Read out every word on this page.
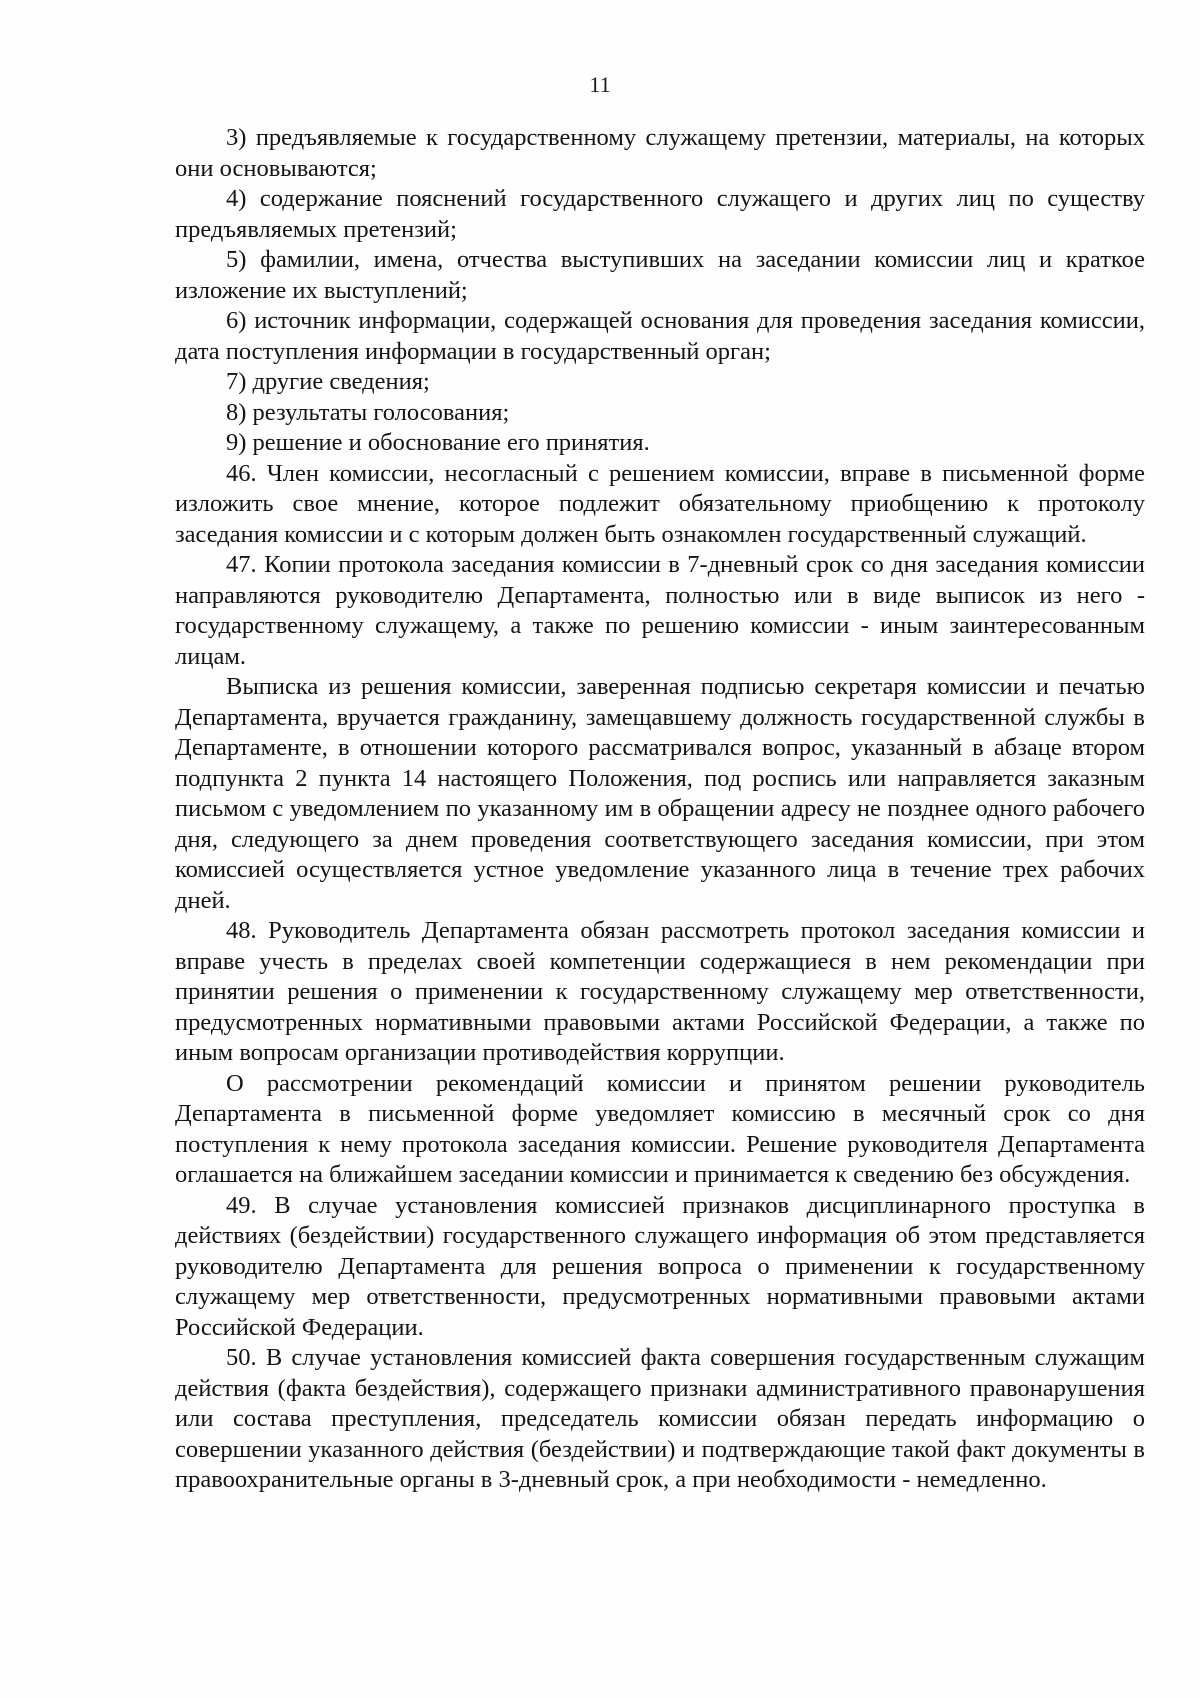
11

3) предъявляемые к государственному служащему претензии, материалы, на которых они основываются;

4) содержание пояснений государственного служащего и других лиц по существу предъявляемых претензий;

5) фамилии, имена, отчества выступивших на заседании комиссии лиц и краткое изложение их выступлений;

6) источник информации, содержащей основания для проведения заседания комиссии, дата поступления информации в государственный орган;

7) другие сведения;

8) результаты голосования;

9) решение и обоснование его принятия.

46. Член комиссии, несогласный с решением комиссии, вправе в письменной форме изложить свое мнение, которое подлежит обязательному приобщению к протоколу заседания комиссии и с которым должен быть ознакомлен государственный служащий.

47. Копии протокола заседания комиссии в 7-дневный срок со дня заседания комиссии направляются руководителю Департамента, полностью или в виде выписок из него - государственному служащему, а также по решению комиссии - иным заинтересованным лицам.

Выписка из решения комиссии, заверенная подписью секретаря комиссии и печатью Департамента, вручается гражданину, замещавшему должность государственной службы в Департаменте, в отношении которого рассматривался вопрос, указанный в абзаце втором подпункта 2 пункта 14 настоящего Положения, под роспись или направляется заказным письмом с уведомлением по указанному им в обращении адресу не позднее одного рабочего дня, следующего за днем проведения соответствующего заседания комиссии, при этом комиссией осуществляется устное уведомление указанного лица в течение трех рабочих дней.

48. Руководитель Департамента обязан рассмотреть протокол заседания комиссии и вправе учесть в пределах своей компетенции содержащиеся в нем рекомендации при принятии решения о применении к государственному служащему мер ответственности, предусмотренных нормативными правовыми актами Российской Федерации, а также по иным вопросам организации противодействия коррупции.

О рассмотрении рекомендаций комиссии и принятом решении руководитель Департамента в письменной форме уведомляет комиссию в месячный срок со дня поступления к нему протокола заседания комиссии. Решение руководителя Департамента оглашается на ближайшем заседании комиссии и принимается к сведению без обсуждения.

49. В случае установления комиссией признаков дисциплинарного проступка в действиях (бездействии) государственного служащего информация об этом представляется руководителю Департамента для решения вопроса о применении к государственному служащему мер ответственности, предусмотренных нормативными правовыми актами Российской Федерации.

50. В случае установления комиссией факта совершения государственным служащим действия (факта бездействия), содержащего признаки административного правонарушения или состава преступления, председатель комиссии обязан передать информацию о совершении указанного действия (бездействии) и подтверждающие такой факт документы в правоохранительные органы в 3-дневный срок, а при необходимости - немедленно.
